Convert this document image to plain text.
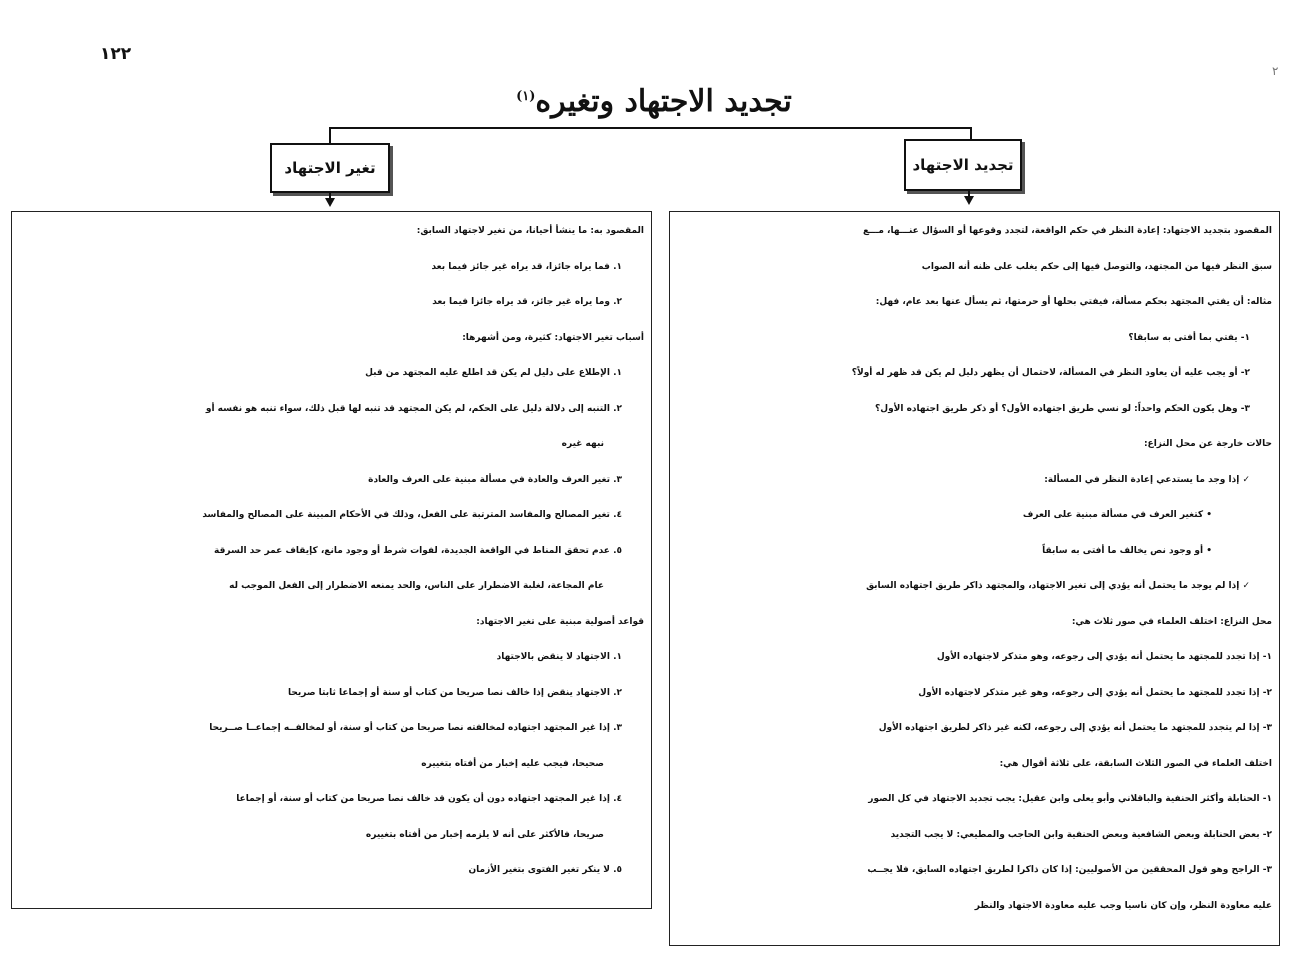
١٢٢
٢
تجديد الاجتهاد وتغيره$^{(١)}$
تغير الاجتهاد	تجديد الاجتهاد

المقصود بتجديد الاجتهاد: إعادة النظر في حكم الواقعة، لتجدد وقوعها أو السؤال عنـــها، مـــع

سبق النظر فيها من المجتهد، والتوصل فيها إلى حكم يغلب على ظنه أنه الصواب

مثاله: أن يفتي المجتهد بحكم مسألة، فيفتي بحلها أو حرمتها، ثم يسأل عنها بعد عام، فهل:

١- يفتي بما أفتى به سابقا؟

٢- أو يجب عليه أن يعاود النظر في المسألة، لاحتمال أن يظهر دليل لم يكن قد ظهر له أولاً؟

٣- وهل يكون الحكم واحداً: لو نسي طريق اجتهاده الأول؟ أو ذكر طريق اجتهاده الأول؟

حالات خارجة عن محل النزاع:

✓ إذا وجد ما يستدعي إعادة النظر في المسألة:

• كتغير العرف في مسألة مبنية على العرف

• أو وجود نص يخالف ما أفتى به سابقاً

✓ إذا لم يوجد ما يحتمل أنه يؤدي إلى تغير الاجتهاد، والمجتهد ذاكر طريق اجتهاده السابق

محل النزاع: اختلف العلماء في صور ثلاث هي:

١- إذا تجدد للمجتهد ما يحتمل أنه يؤدي إلى رجوعه، وهو متذكر لاجتهاده الأول

٢- إذا تجدد للمجتهد ما يحتمل أنه يؤدي إلى رجوعه، وهو غير متذكر لاجتهاده الأول

٣- إذا لم يتجدد للمجتهد ما يحتمل أنه يؤدي إلى رجوعه، لكنه غير ذاكر لطريق اجتهاده الأول

اختلف العلماء في الصور الثلاث السابقة، على ثلاثة أقوال هي:

١- الحنابلة وأكثر الحنفية والباقلاني وأبو يعلى وابن عقيل: يجب تجديد الاجتهاد في كل الصور

٢- بعض الحنابلة وبعض الشافعية وبعض الحنفية وابن الحاجب والمطيعي: لا يجب التجديد

٣- الراجح وهو قول المحققين من الأصوليين: إذا كان ذاكرا لطريق اجتهاده السابق، فلا يجــب

عليه معاودة النظر، وإن كان ناسيا وجب عليه معاودة الاجتهاد والنظر

المقصود به: ما ينشأ أحيانا، من تغير لاجتهاد السابق:

١. فما يراه جائزا، قد يراه غير جائز فيما بعد

٢. وما يراه غير جائز، قد يراه جائزا فيما بعد

أسباب تغير الاجتهاد: كثيرة، ومن أشهرها:

١. الإطلاع على دليل لم يكن قد اطلع عليه المجتهد من قبل

٢. التنبه إلى دلالة دليل على الحكم، لم يكن المجتهد قد تنبه لها قبل ذلك، سواء تنبه هو نفسه أو

نبهه غيره

٣. تغير العرف والعادة في مسألة مبنية على العرف والعادة

٤. تغير المصالح والمفاسد المترتبة على الفعل، وذلك في الأحكام المبينة على المصالح والمفاسد

٥. عدم تحقق المناط في الواقعة الجديدة، لفوات شرط أو وجود مانع، كإيقاف عمر حد السرقة

عام المجاعة، لغلبة الاضطرار على الناس، والحد يمنعه الاضطرار إلى الفعل الموجب له

قواعد أصولية مبنية على تغير الاجتهاد:

١. الاجتهاد لا ينقض بالاجتهاد

٢. الاجتهاد ينقض إذا خالف نصا صريحا من كتاب أو سنة أو إجماعا ثابتا صريحا

٣. إذا غير المجتهد اجتهاده لمخالفته نصا صريحا من كتاب أو سنة، أو لمخالفــه إجماعــا صــريحا

صحيحا، فيجب عليه إخبار من أفتاه بتغييره

٤. إذا غير المجتهد اجتهاده دون أن يكون قد خالف نصا صريحا من كتاب أو سنة، أو إجماعا

صريحا، فالأكثر على أنه لا يلزمه إخبار من أفتاه بتغييره

٥. لا ينكر تغير الفتوى بتغير الأزمان
